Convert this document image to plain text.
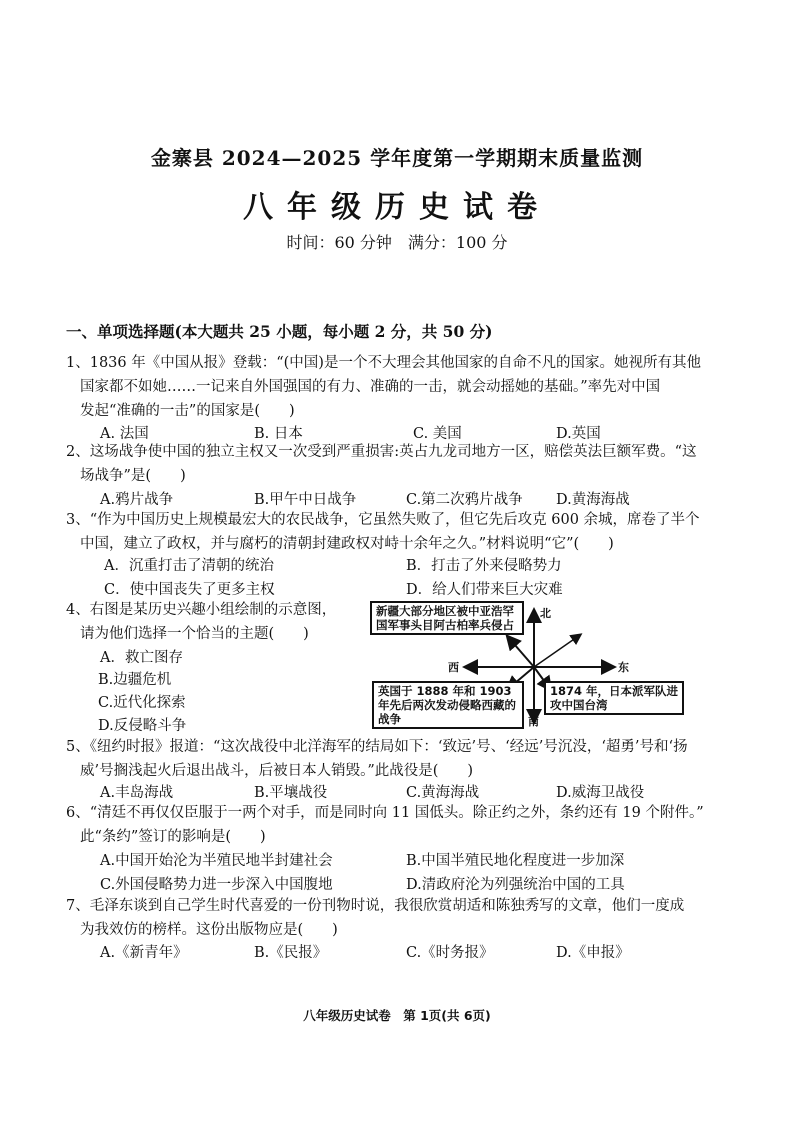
金寨县 2024—2025 学年度第一学期期末质量监测
八年级历史试卷
时间：60 分钟　满分：100 分
一、单项选择题(本大题共 25 小题，每小题 2 分，共 50 分)
1、1836 年《中国从报》登载：“(中国)是一个不大理会其他国家的自命不凡的国家。她视所有其他
国家都不如她……一记来自外国强国的有力、准确的一击，就会动摇她的基础。”率先对中国
发起“准确的一击”的国家是(　　)
A. 法国	B. 日本	C. 美国	D.英国
2、这场战争使中国的独立主权又一次受到严重损害:英占九龙司地方一区，赔偿英法巨额军费。“这
场战争”是(　　)
A.鸦片战争	B.甲午中日战争	C.第二次鸦片战争 D.黄海海战
3、“作为中国历史上规模最宏大的农民战争，它虽然失败了，但它先后攻克 600 余城，席卷了半个
中国，建立了政权，并与腐朽的清朝封建政权对峙十余年之久。”材料说明“它”(　　)
A．沉重打击了清朝的统治	B．打击了外来侵略势力
C．使中国丧失了更多主权	D．给人们带来巨大灾难
4、右图是某历史兴趣小组绘制的示意图，
请为他们选择一个恰当的主题(　　)
A．救亡图存
B.边疆危机
C.近代化探索
D.反侵略斗争
新疆大部分地区被中亚浩罕国军事头目阿古柏率兵侵占
英国于 1888 年和 1903 年先后两次发动侵略西藏的战争
1874 年，日本派军队进攻中国台湾
北
南
东
西
5、《纽约时报》报道：“这次战役中北洋海军的结局如下：‘致远’号、‘经远’号沉没，‘超勇’号和‘扬
威’号搁浅起火后退出战斗，后被日本人销毁。”此战役是(　　)
A.丰岛海战	B.平壤战役	C.黄海海战	D.威海卫战役
6、“清廷不再仅仅臣服于一两个对手，而是同时向 11 国低头。除正约之外，条约还有 19 个附件。”
此“条约”签订的影响是(　　)
A.中国开始沦为半殖民地半封建社会	B.中国半殖民地化程度进一步加深
C.外国侵略势力进一步深入中国腹地	D.清政府沦为列强统治中国的工具
7、毛泽东谈到自己学生时代喜爱的一份刊物时说，我很欣赏胡适和陈独秀写的文章，他们一度成
为我效仿的榜样。这份出版物应是(　　)
A.《新青年》	B.《民报》	C.《时务报》	D.《申报》
八年级历史试卷　第 1页(共 6页)
